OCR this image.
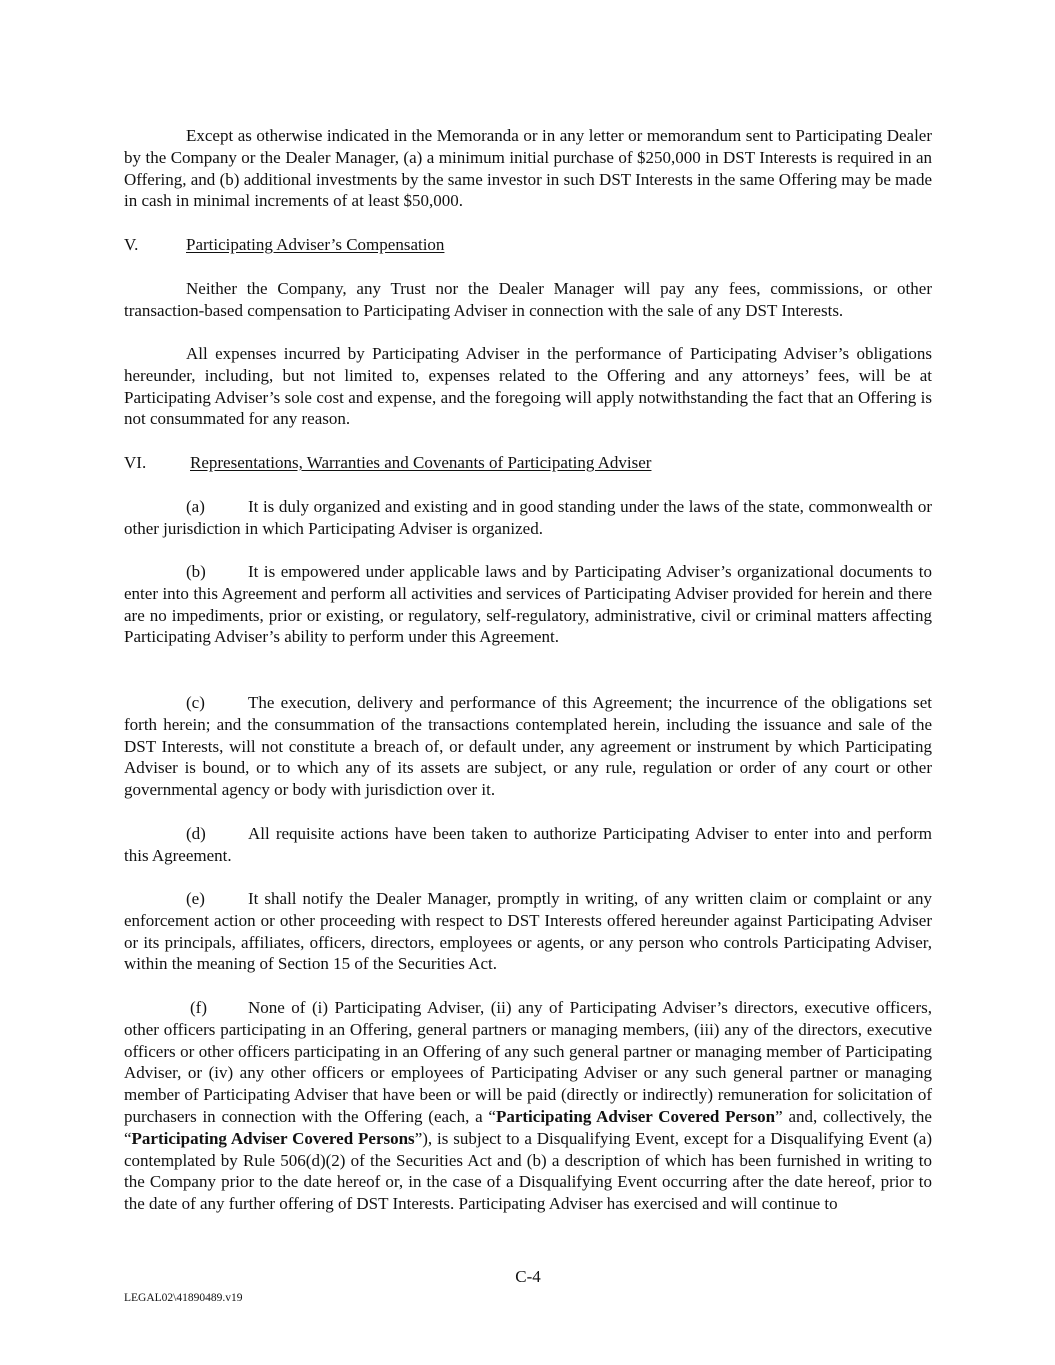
Except as otherwise indicated in the Memoranda or in any letter or memorandum sent to Participating Dealer by the Company or the Dealer Manager, (a) a minimum initial purchase of $250,000 in DST Interests is required in an Offering, and (b) additional investments by the same investor in such DST Interests in the same Offering may be made in cash in minimal increments of at least $50,000.

V.	Participating Adviser’s Compensation

Neither the Company, any Trust nor the Dealer Manager will pay any fees, commissions, or other transaction-based compensation to Participating Adviser in connection with the sale of any DST Interests.

All expenses incurred by Participating Adviser in the performance of Participating Adviser’s obligations hereunder, including, but not limited to, expenses related to the Offering and any attorneys’ fees, will be at Participating Adviser’s sole cost and expense, and the foregoing will apply notwithstanding the fact that an Offering is not consummated for any reason.

VI.	Representations, Warranties and Covenants of Participating Adviser

(a)	It is duly organized and existing and in good standing under the laws of the state, commonwealth or other jurisdiction in which Participating Adviser is organized.

(b) It is empowered under applicable laws and by Participating Adviser’s organizational documents to enter into this Agreement and perform all activities and services of Participating Adviser provided for herein and there are no impediments, prior or existing, or regulatory, self-regulatory, administrative, civil or criminal matters affecting Participating Adviser’s ability to perform under this Agreement.

(c)	The execution, delivery and performance of this Agreement; the incurrence of the obligations set forth herein; and the consummation of the transactions contemplated herein, including the issuance and sale of the DST Interests, will not constitute a breach of, or default under, any agreement or instrument by which Participating Adviser is bound, or to which any of its assets are subject, or any rule, regulation or order of any court or other governmental agency or body with jurisdiction over it.

(d) All requisite actions have been taken to authorize Participating Adviser to enter into and perform this Agreement.

(e)	It shall notify the Dealer Manager, promptly in writing, of any written claim or complaint or any enforcement action or other proceeding with respect to DST Interests offered hereunder against Participating Adviser or its principals, affiliates, officers, directors, employees or agents, or any person who controls Participating Adviser, within the meaning of Section 15 of the Securities Act.

(f) None of (i) Participating Adviser, (ii) any of Participating Adviser’s directors, executive officers, other officers participating in an Offering, general partners or managing members, (iii) any of the directors, executive officers or other officers participating in an Offering of any such general partner or managing member of Participating Adviser, or (iv) any other officers or employees of Participating Adviser or any such general partner or managing member of Participating Adviser that have been or will be paid (directly or indirectly) remuneration for solicitation of purchasers in connection with the Offering (each, a “Participating Adviser Covered Person” and, collectively, the “Participating Adviser Covered Persons”), is subject to a Disqualifying Event, except for a Disqualifying Event (a) contemplated by Rule 506(d)(2) of the Securities Act and (b) a description of which has been furnished in writing to the Company prior to the date hereof or, in the case of a Disqualifying Event occurring after the date hereof, prior to the date of any further offering of DST Interests. Participating Adviser has exercised and will continue to

C-4
LEGAL02\41890489.v19
